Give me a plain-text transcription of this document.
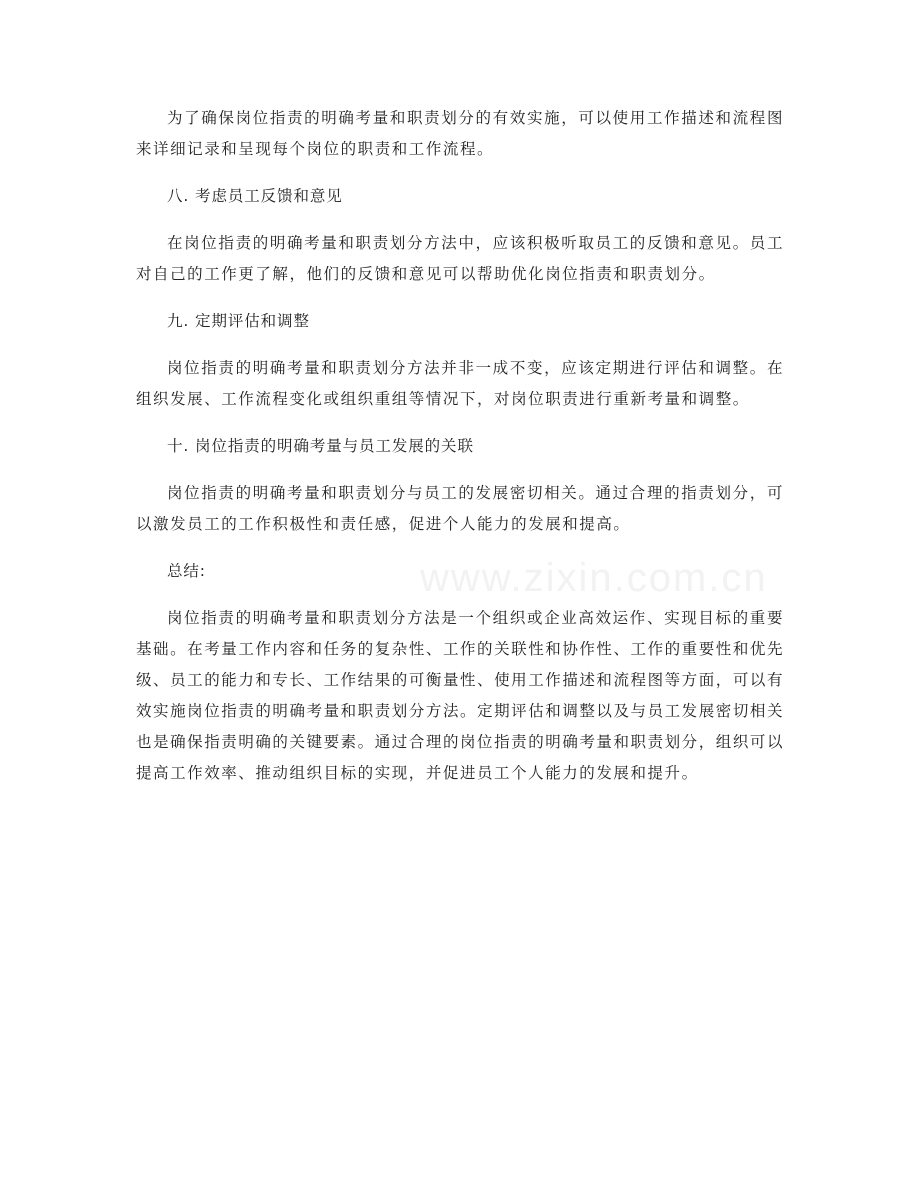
为了确保岗位指责的明确考量和职责划分的有效实施，可以使用工作描述和流程图来详细记录和呈现每个岗位的职责和工作流程。

八. 考虑员工反馈和意见

在岗位指责的明确考量和职责划分方法中，应该积极听取员工的反馈和意见。员工对自己的工作更了解，他们的反馈和意见可以帮助优化岗位指责和职责划分。

九. 定期评估和调整

岗位指责的明确考量和职责划分方法并非一成不变，应该定期进行评估和调整。在组织发展、工作流程变化或组织重组等情况下，对岗位职责进行重新考量和调整。

十. 岗位指责的明确考量与员工发展的关联

岗位指责的明确考量和职责划分与员工的发展密切相关。通过合理的指责划分，可以激发员工的工作积极性和责任感，促进个人能力的发展和提高。

总结:

岗位指责的明确考量和职责划分方法是一个组织或企业高效运作、实现目标的重要基础。在考量工作内容和任务的复杂性、工作的关联性和协作性、工作的重要性和优先级、员工的能力和专长、工作结果的可衡量性、使用工作描述和流程图等方面，可以有效实施岗位指责的明确考量和职责划分方法。定期评估和调整以及与员工发展密切相关也是确保指责明确的关键要素。通过合理的岗位指责的明确考量和职责划分，组织可以提高工作效率、推动组织目标的实现，并促进员工个人能力的发展和提升。

www.zixin.com.cn
